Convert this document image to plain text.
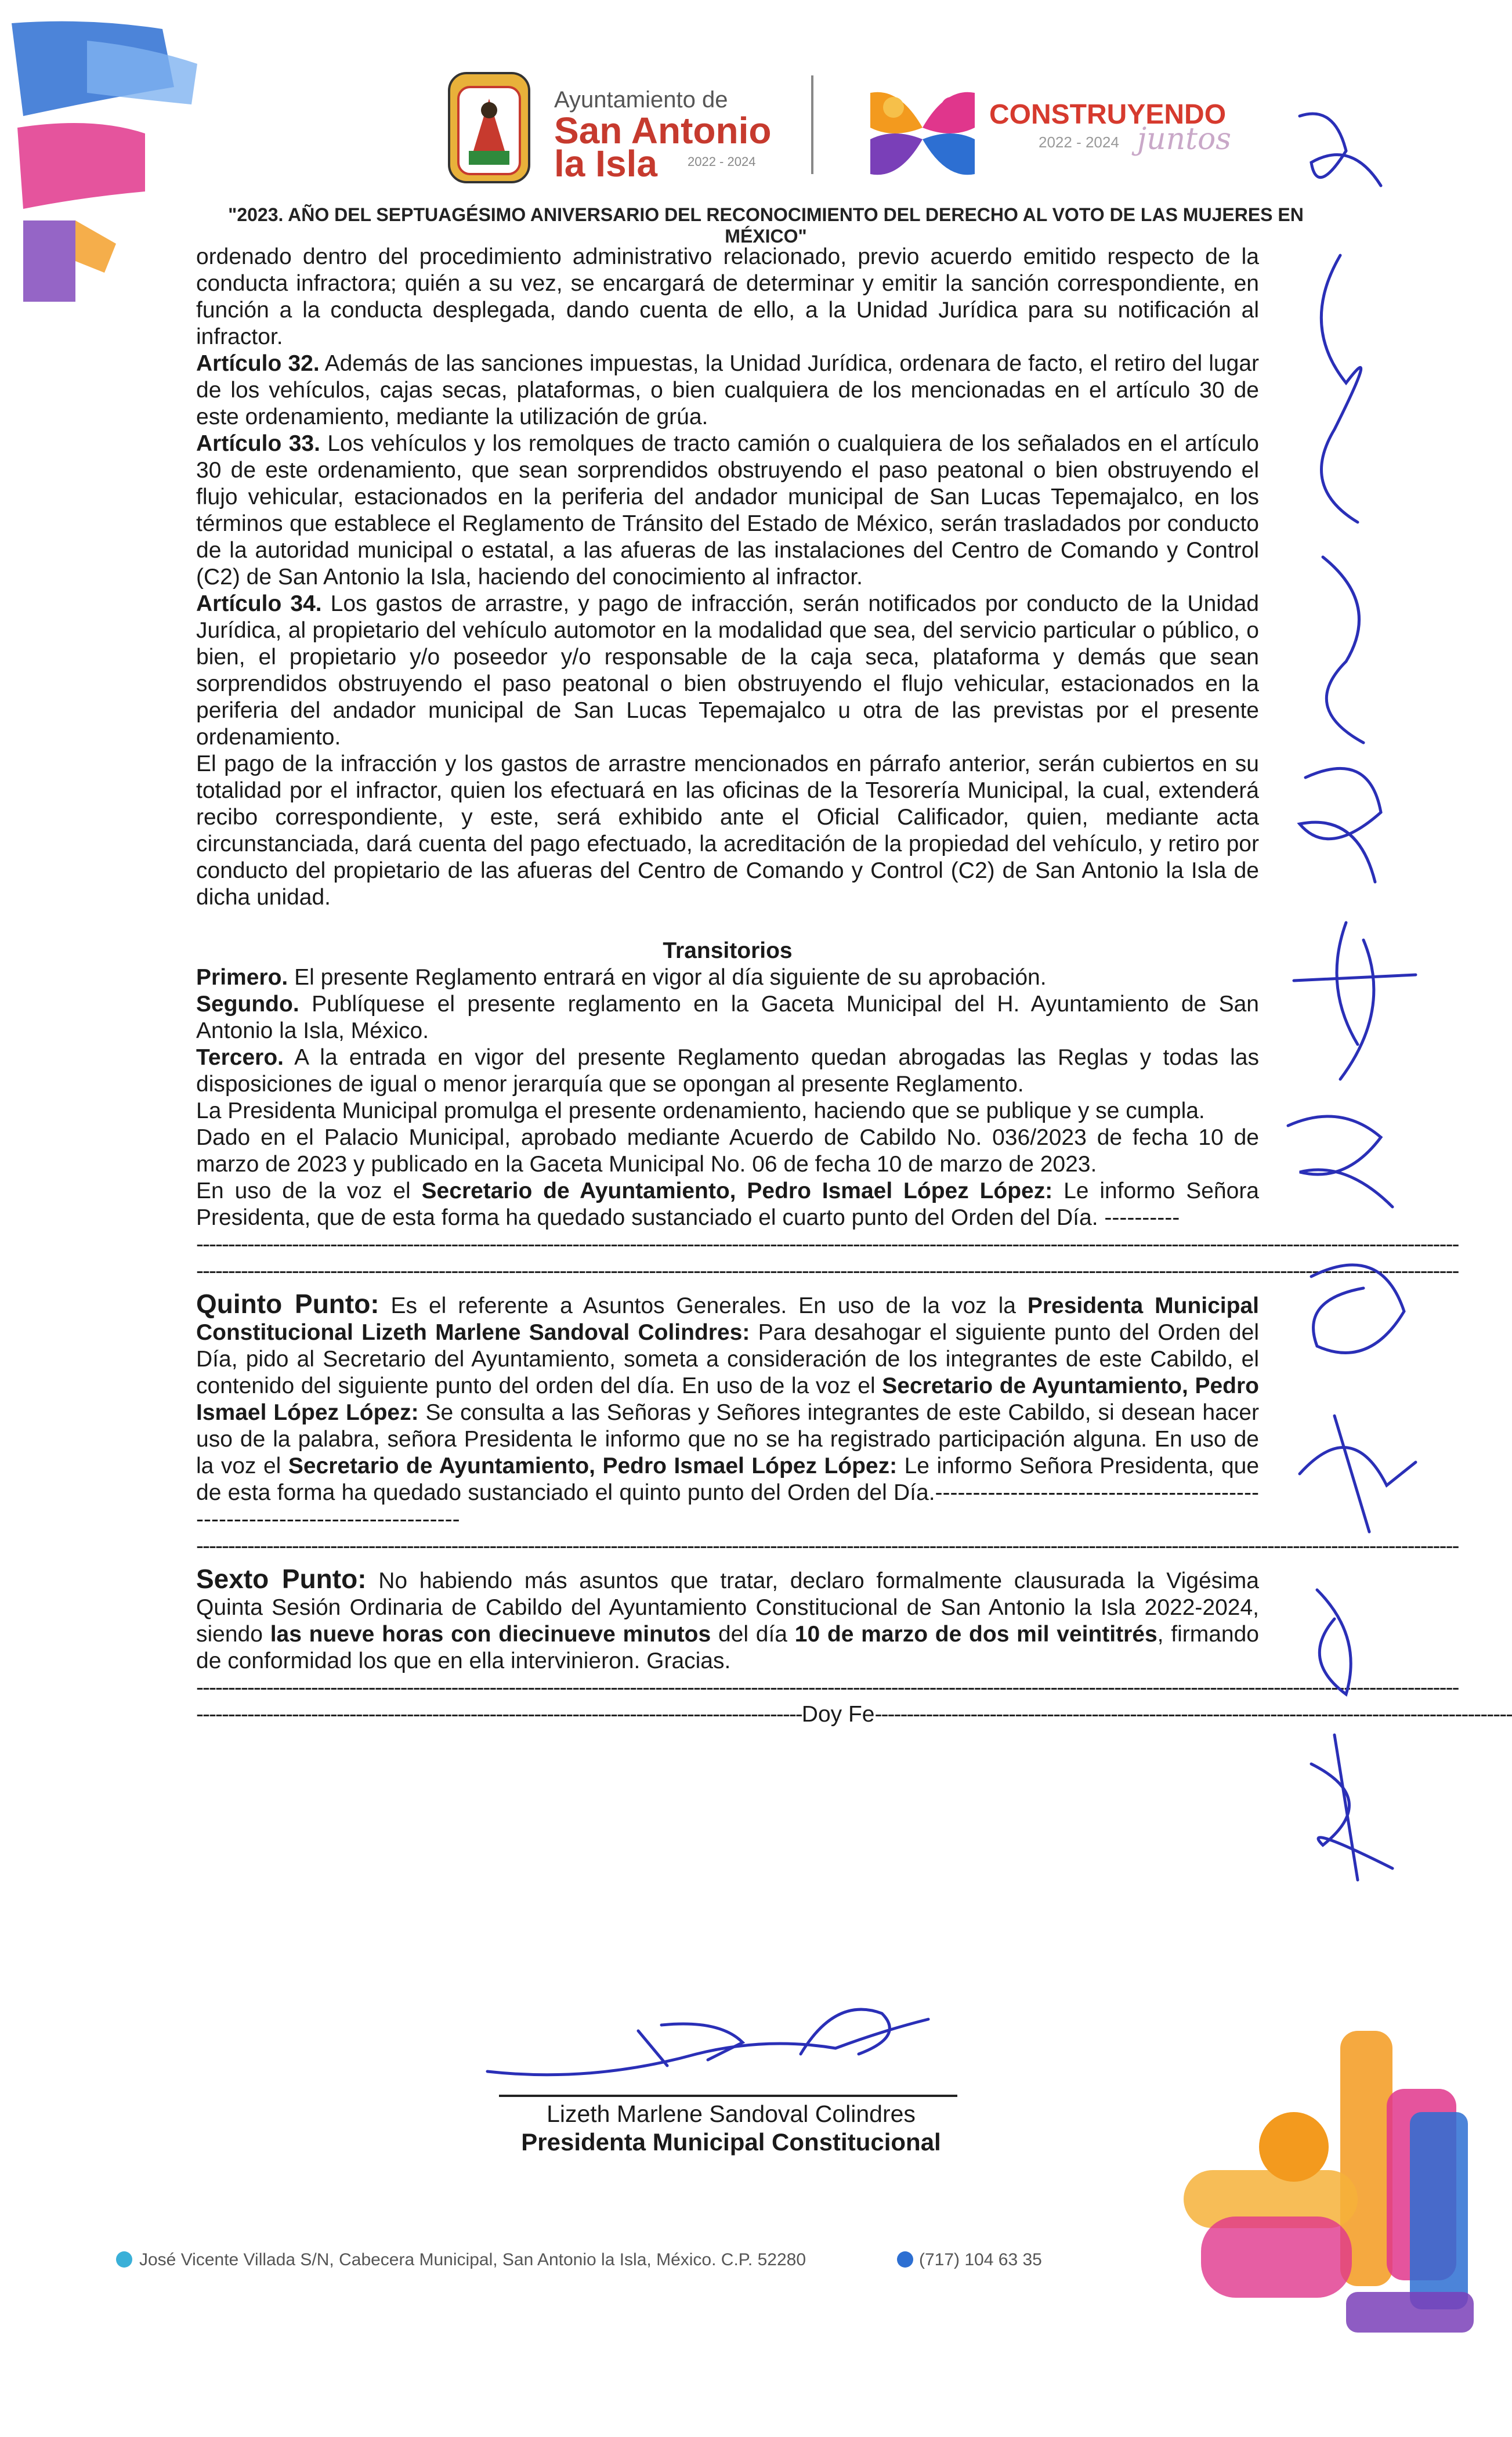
Ayuntamiento de
San Antonio
la Isla 2022 - 2024
CONSTRUYENDO
2022 - 2024 juntos
"2023. AÑO DEL SEPTUAGÉSIMO ANIVERSARIO DEL RECONOCIMIENTO DEL DERECHO AL VOTO DE LAS MUJERES EN MÉXICO"

ordenado dentro del procedimiento administrativo relacionado, previo acuerdo emitido respecto de la conducta infractora; quién a su vez, se encargará de determinar y emitir la sanción correspondiente, en función a la conducta desplegada, dando cuenta de ello, a la Unidad Jurídica para su notificación al infractor.

Artículo 32. Además de las sanciones impuestas, la Unidad Jurídica, ordenara de facto, el retiro del lugar de los vehículos, cajas secas, plataformas, o bien cualquiera de los mencionadas en el artículo 30 de este ordenamiento, mediante la utilización de grúa.

Artículo 33. Los vehículos y los remolques de tracto camión o cualquiera de los señalados en el artículo 30 de este ordenamiento, que sean sorprendidos obstruyendo el paso peatonal o bien obstruyendo el flujo vehicular, estacionados en la periferia del andador municipal de San Lucas Tepemajalco, en los términos que establece el Reglamento de Tránsito del Estado de México, serán trasladados por conducto de la autoridad municipal o estatal, a las afueras de las instalaciones del Centro de Comando y Control (C2) de San Antonio la Isla, haciendo del conocimiento al infractor.

Artículo 34. Los gastos de arrastre, y pago de infracción, serán notificados por conducto de la Unidad Jurídica, al propietario del vehículo automotor en la modalidad que sea, del servicio particular o público, o bien, el propietario y/o poseedor y/o responsable de la caja seca, plataforma y demás que sean sorprendidos obstruyendo el paso peatonal o bien obstruyendo el flujo vehicular, estacionados en la periferia del andador municipal de San Lucas Tepemajalco u otra de las previstas por el presente ordenamiento.

El pago de la infracción y los gastos de arrastre mencionados en párrafo anterior, serán cubiertos en su totalidad por el infractor, quien los efectuará en las oficinas de la Tesorería Municipal, la cual, extenderá recibo correspondiente, y este, será exhibido ante el Oficial Calificador, quien, mediante acta circunstanciada, dará cuenta del pago efectuado, la acreditación de la propiedad del vehículo, y retiro por conducto del propietario de las afueras del Centro de Comando y Control (C2) de San Antonio la Isla de dicha unidad.

Transitorios

Primero. El presente Reglamento entrará en vigor al día siguiente de su aprobación.

Segundo. Publíquese el presente reglamento en la Gaceta Municipal del H. Ayuntamiento de San Antonio la Isla, México.

Tercero. A la entrada en vigor del presente Reglamento quedan abrogadas las Reglas y todas las disposiciones de igual o menor jerarquía que se opongan al presente Reglamento.

La Presidenta Municipal promulga el presente ordenamiento, haciendo que se publique y se cumpla.

Dado en el Palacio Municipal, aprobado mediante Acuerdo de Cabildo No. 036/2023 de fecha 10 de marzo de 2023 y publicado en la Gaceta Municipal No. 06 de fecha 10 de marzo de 2023.

En uso de la voz el Secretario de Ayuntamiento, Pedro Ismael López López: Le informo Señora Presidenta, que de esta forma ha quedado sustanciado el cuarto punto del Orden del Día. ----------

------------------------------------------------------------------------------------------------------------------------------------------------------------------------------------------------------

------------------------------------------------------------------------------------------------------------------------------------------------------------------------------------------------------

Quinto Punto: Es el referente a Asuntos Generales. En uso de la voz la Presidenta Municipal Constitucional Lizeth Marlene Sandoval Colindres: Para desahogar el siguiente punto del Orden del Día, pido al Secretario del Ayuntamiento, someta a consideración de los integrantes de este Cabildo, el contenido del siguiente punto del orden del día. En uso de la voz el Secretario de Ayuntamiento, Pedro Ismael López López: Se consulta a las Señoras y Señores integrantes de este Cabildo, si desean hacer uso de la palabra, señora Presidenta le informo que no se ha registrado participación alguna. En uso de la voz el Secretario de Ayuntamiento, Pedro Ismael López López: Le informo Señora Presidenta, que de esta forma ha quedado sustanciado el quinto punto del Orden del Día.------------------------------------------------------------------------------

------------------------------------------------------------------------------------------------------------------------------------------------------------------------------------------------------

Sexto Punto: No habiendo más asuntos que tratar, declaro formalmente clausurada la Vigésima Quinta Sesión Ordinaria de Cabildo del Ayuntamiento Constitucional de San Antonio la Isla 2022-2024, siendo las nueve horas con diecinueve minutos del día 10 de marzo de dos mil veintitrés, firmando de conformidad los que en ella intervinieron. Gracias.

------------------------------------------------------------------------------------------------------------------------------------------------------------------------------------------------------

-----------------------------------------------------------------------------------------------Doy Fe----------------------------------------------------------------------------------------------------

Lizeth Marlene Sandoval Colindres
Presidenta Municipal Constitucional
José Vicente Villada S/N, Cabecera Municipal, San Antonio la Isla, México. C.P. 52280	(717) 104 63 35
